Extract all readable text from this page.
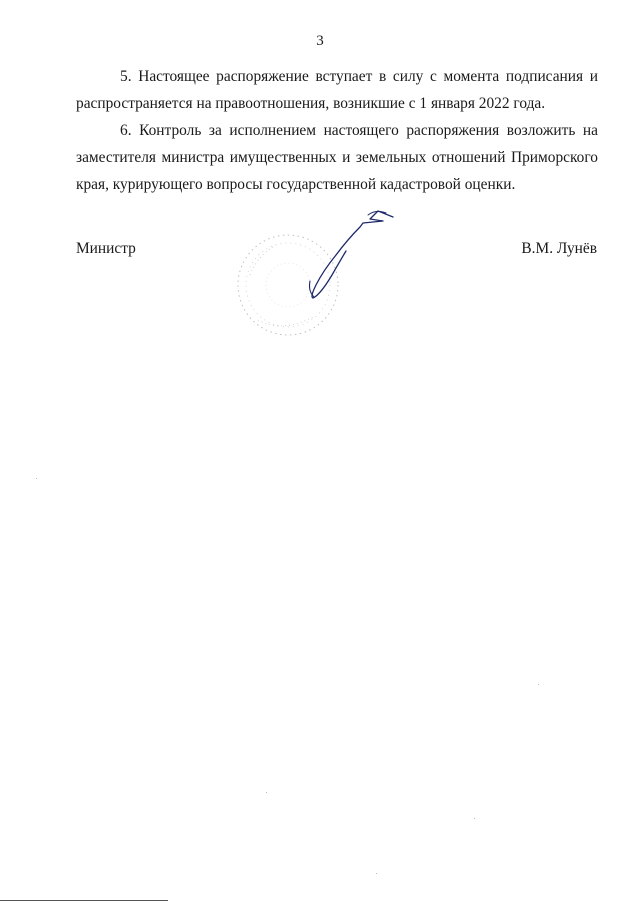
3

5. Настоящее распоряжение вступает в силу с момента подписания и распространяется на правоотношения, возникшие с 1 января 2022 года.

6. Контроль за исполнением настоящего распоряжения возложить на заместителя министра имущественных и земельных отношений Приморского края, курирующего вопросы государственной кадастровой оценки.

Министр	В.М. Лунёв
